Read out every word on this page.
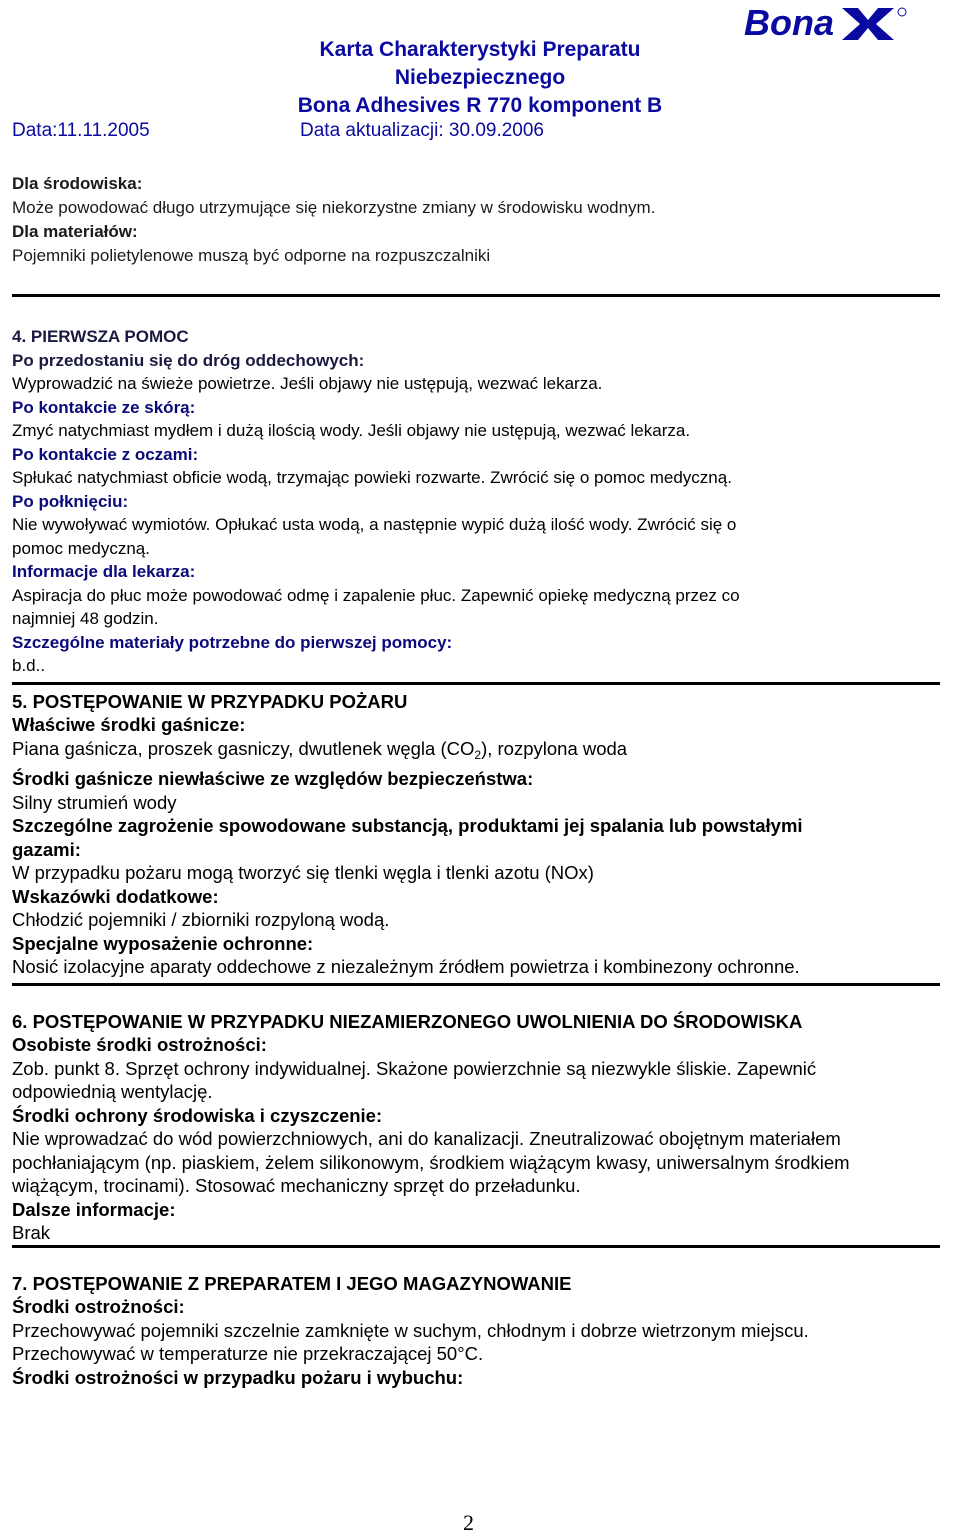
Bona
Karta Charakterystyki Preparatu
Niebezpiecznego
Bona Adhesives R 770 komponent B
Data:11.11.2005	Data aktualizacji: 30.09.2006
Dla środowiska:
Może powodować długo utrzymujące się niekorzystne zmiany w środowisku wodnym.
Dla materiałów:
Pojemniki polietylenowe muszą być odporne na rozpuszczalniki
4. PIERWSZA POMOC
Po przedostaniu się do dróg oddechowych:
Wyprowadzić na świeże powietrze. Jeśli objawy nie ustępują, wezwać lekarza.
Po kontakcie ze skórą:
Zmyć natychmiast mydłem i dużą ilością wody. Jeśli objawy nie ustępują, wezwać lekarza.
Po kontakcie z oczami:
Spłukać natychmiast obficie wodą, trzymając powieki rozwarte. Zwrócić się o pomoc medyczną.
Po połknięciu:
Nie wywoływać wymiotów. Opłukać usta wodą, a następnie wypić dużą ilość wody. Zwrócić się o
pomoc medyczną.
Informacje dla lekarza:
Aspiracja do płuc może powodować odmę i zapalenie płuc. Zapewnić opiekę medyczną przez co
najmniej 48 godzin.
Szczególne materiały potrzebne do pierwszej pomocy:
b.d..
5. POSTĘPOWANIE W PRZYPADKU POŻARU
Właściwe środki gaśnicze:
Piana gaśnicza, proszek gasniczy, dwutlenek węgla $(CO_2)$, rozpylona woda
Środki gaśnicze niewłaściwe ze względów bezpieczeństwa:
Silny strumień wody
Szczególne zagrożenie spowodowane substancją, produktami jej spalania lub powstałymi
gazami:
W przypadku pożaru mogą tworzyć się tlenki węgla i tlenki azotu (NOx)
Wskazówki dodatkowe:
Chłodzić pojemniki / zbiorniki rozpyloną wodą.
Specjalne wyposażenie ochronne:
Nosić izolacyjne aparaty oddechowe z niezależnym źródłem powietrza i kombinezony ochronne.
6. POSTĘPOWANIE W PRZYPADKU NIEZAMIERZONEGO UWOLNIENIA DO ŚRODOWISKA
Osobiste środki ostrożności:
Zob. punkt 8. Sprzęt ochrony indywidualnej. Skażone powierzchnie są niezwykle śliskie. Zapewnić
odpowiednią wentylację.
Środki ochrony środowiska i czyszczenie:
Nie wprowadzać do wód powierzchniowych, ani do kanalizacji. Zneutralizować obojętnym materiałem
pochłaniającym (np. piaskiem, żelem silikonowym, środkiem wiążącym kwasy, uniwersalnym środkiem
wiążącym, trocinami). Stosować mechaniczny sprzęt do przeładunku.
Dalsze informacje:
Brak
7. POSTĘPOWANIE Z PREPARATEM I JEGO MAGAZYNOWANIE
Środki ostrożności:
Przechowywać pojemniki szczelnie zamknięte w suchym, chłodnym i dobrze wietrzonym miejscu.
Przechowywać w temperaturze nie przekraczającej 50°C.
Środki ostrożności w przypadku pożaru i wybuchu:
2
